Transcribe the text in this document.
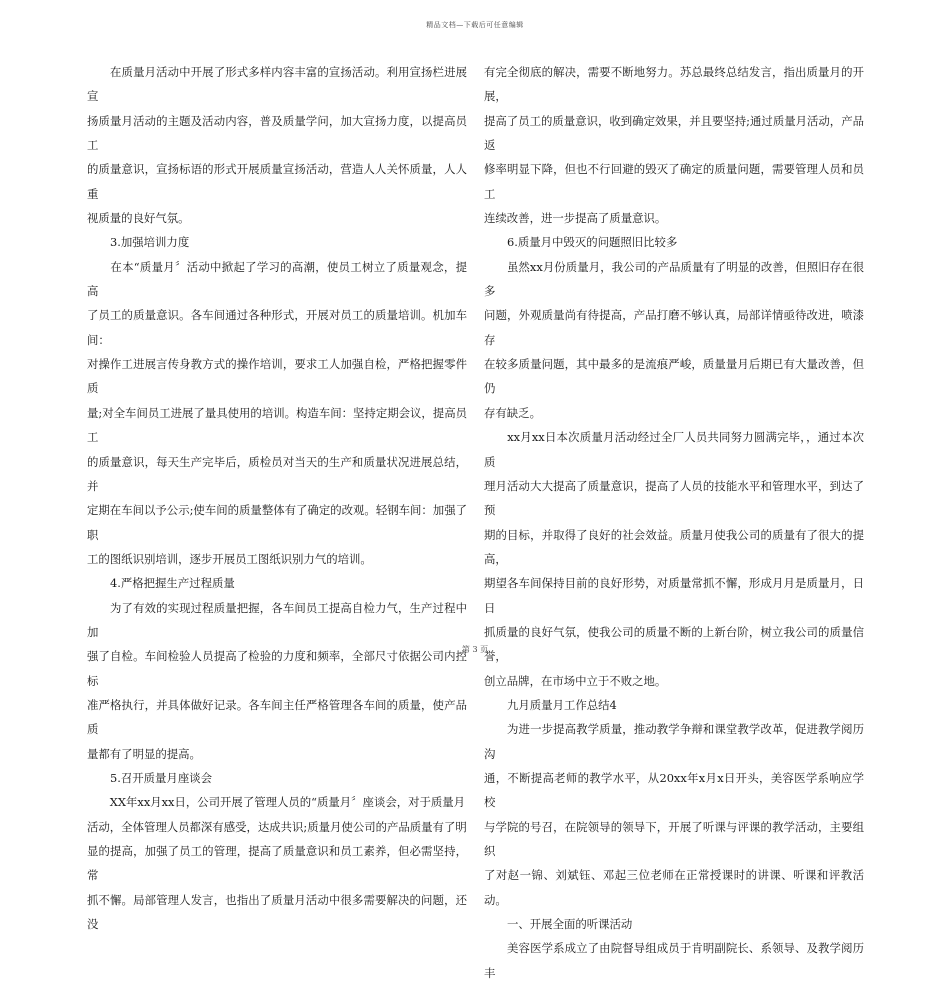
精品文档—下载后可任意编辑

　　在质量月活动中开展了形式多样内容丰富的宣扬活动。利用宣扬栏进展宣

扬质量月活动的主题及活动内容，普及质量学问，加大宣扬力度，以提高员工

的质量意识，宣扬标语的形式开展质量宣扬活动，营造人人关怀质量，人人重

视质量的良好气氛。

3.加强培训力度

　　在本“质量月〞活动中掀起了学习的高潮，使员工树立了质量观念，提高

了员工的质量意识。各车间通过各种形式，开展对员工的质量培训。机加车间：

对操作工进展言传身教方式的操作培训，要求工人加强自检，严格把握零件质

量;对全车间员工进展了量具使用的培训。构造车间：坚持定期会议，提高员工

的质量意识，每天生产完毕后，质检员对当天的生产和质量状况进展总结，并

定期在车间以予公示;使车间的质量整体有了确定的改观。轻钢车间：加强了职

工的图纸识别培训，逐步开展员工图纸识别力气的培训。

4.严格把握生产过程质量

　　为了有效的实现过程质量把握，各车间员工提高自检力气，生产过程中加

强了自检。车间检验人员提高了检验的力度和频率，全部尺寸依据公司内控标

准严格执行，并具体做好记录。各车间主任严格管理各车间的质量，使产品质

量都有了明显的提高。

5.召开质量月座谈会

　　XX年xx月xx日，公司开展了管理人员的“质量月〞座谈会，对于质量月

活动，全体管理人员都深有感受，达成共识;质量月使公司的产品质量有了明

显的提高，加强了员工的管理，提高了质量意识和员工素养，但必需坚持，常

抓不懈。局部管理人发言，也指出了质量月活动中很多需要解决的问题，还没

有完全彻底的解决，需要不断地努力。苏总最终总结发言，指出质量月的开展，

提高了员工的质量意识，收到确定效果，并且要坚持;通过质量月活动，产品返

修率明显下降，但也不行回避的毁灭了确定的质量问题，需要管理人员和员工

连续改善，进一步提高了质量意识。

6.质量月中毁灭的问题照旧比较多

　　虽然xx月份质量月，我公司的产品质量有了明显的改善，但照旧存在很多

问题，外观质量尚有待提高，产品打磨不够认真，局部详情亟待改进，喷漆存

在较多质量问题，其中最多的是流痕严峻，质量量月后期已有大量改善，但仍

存有缺乏。

　　xx月xx日本次质量月活动经过全厂人员共同努力圆满完毕，，通过本次质

理月活动大大提高了质量意识，提高了人员的技能水平和管理水平，到达了预

期的目标，并取得了良好的社会效益。质量月使我公司的质量有了很大的提高，

期望各车间保持目前的良好形势，对质量常抓不懈，形成月月是质量月，日日

抓质量的良好气氛，使我公司的质量不断的上新台阶，树立我公司的质量信誉，

创立品牌，在市场中立于不败之地。

九月质量月工作总结4

　　为进一步提高教学质量，推动教学争辩和课堂教学改革，促进教学阅历沟

通，不断提高老师的教学水平，从20xx年x月x日开头，美容医学系响应学校

与学院的号召，在院领导的领导下，开展了听课与评课的教学活动，主要组织

了对赵一锦、刘斌钰、邓起三位老师在正常授课时的讲课、听课和评教活动。

一、开展全面的听课活动

　　美容医学系成立了由院督导组成员于肯明副院长、系领导、及教学阅历丰

第 3 页
